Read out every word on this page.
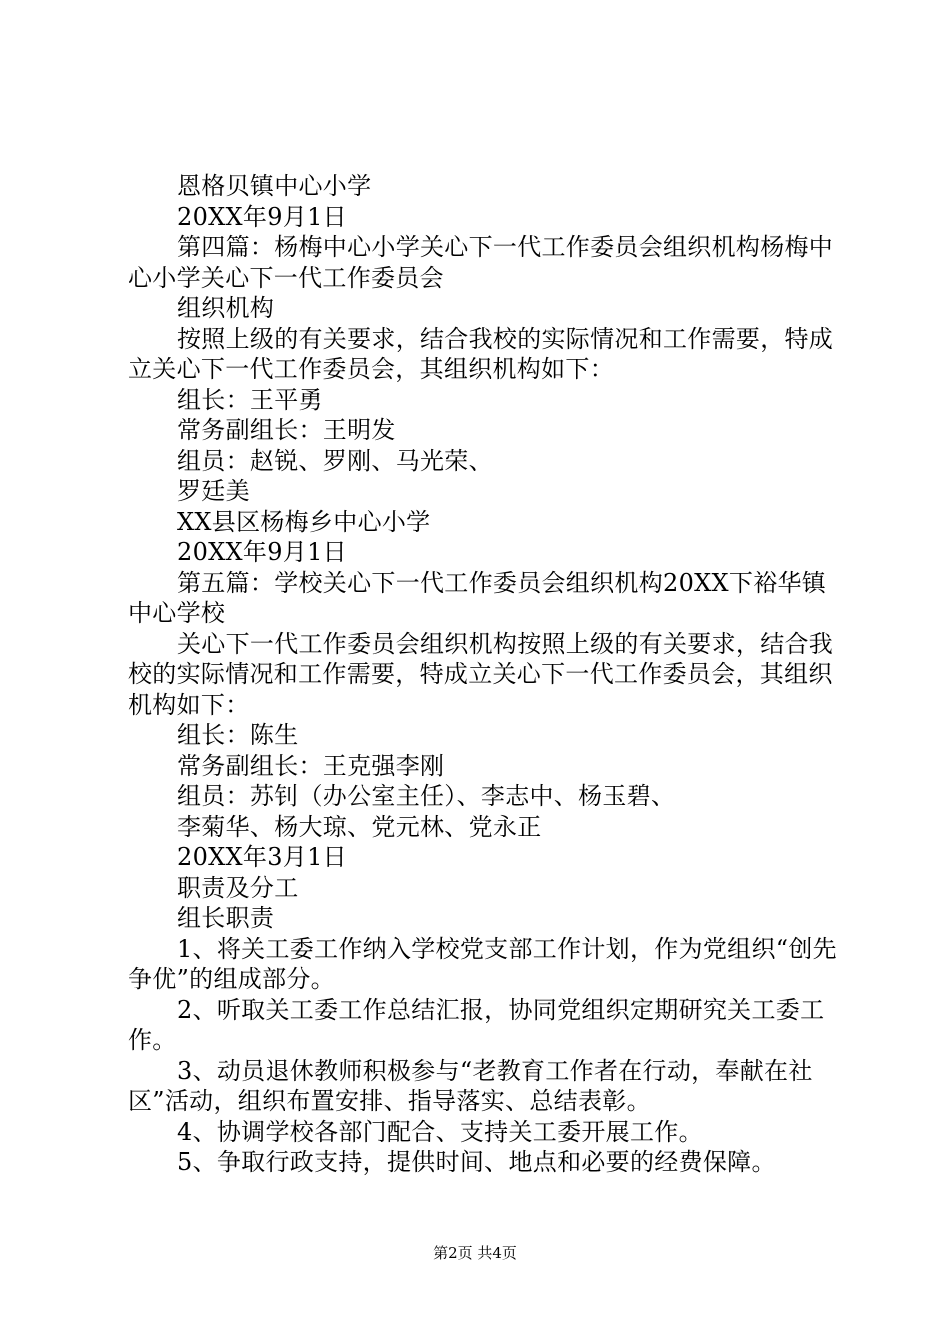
恩格贝镇中心小学

20XX年9月1日

第四篇：杨梅中心小学关心下一代工作委员会组织机构杨梅中心小学关心下一代工作委员会

组织机构

按照上级的有关要求，结合我校的实际情况和工作需要，特成立关心下一代工作委员会，其组织机构如下：

组长：王平勇

常务副组长：王明发

组员：赵锐、罗刚、马光荣、

罗廷美

XX县区杨梅乡中心小学

20XX年9月1日

第五篇：学校关心下一代工作委员会组织机构20XX下裕华镇中心学校

关心下一代工作委员会组织机构按照上级的有关要求，结合我校的实际情况和工作需要，特成立关心下一代工作委员会，其组织机构如下：

组长：陈生

常务副组长：王克强李刚

组员：苏钊（办公室主任）、李志中、杨玉碧、

李菊华、杨大琼、党元林、党永正

20XX年3月1日

职责及分工

组长职责

1、将关工委工作纳入学校党支部工作计划，作为党组织“创先争优”的组成部分。

2、听取关工委工作总结汇报，协同党组织定期研究关工委工作。

3、动员退休教师积极参与“老教育工作者在行动，奉献在社区”活动，组织布置安排、指导落实、总结表彰。

4、协调学校各部门配合、支持关工委开展工作。

5、争取行政支持，提供时间、地点和必要的经费保障。

第2页 共4页
